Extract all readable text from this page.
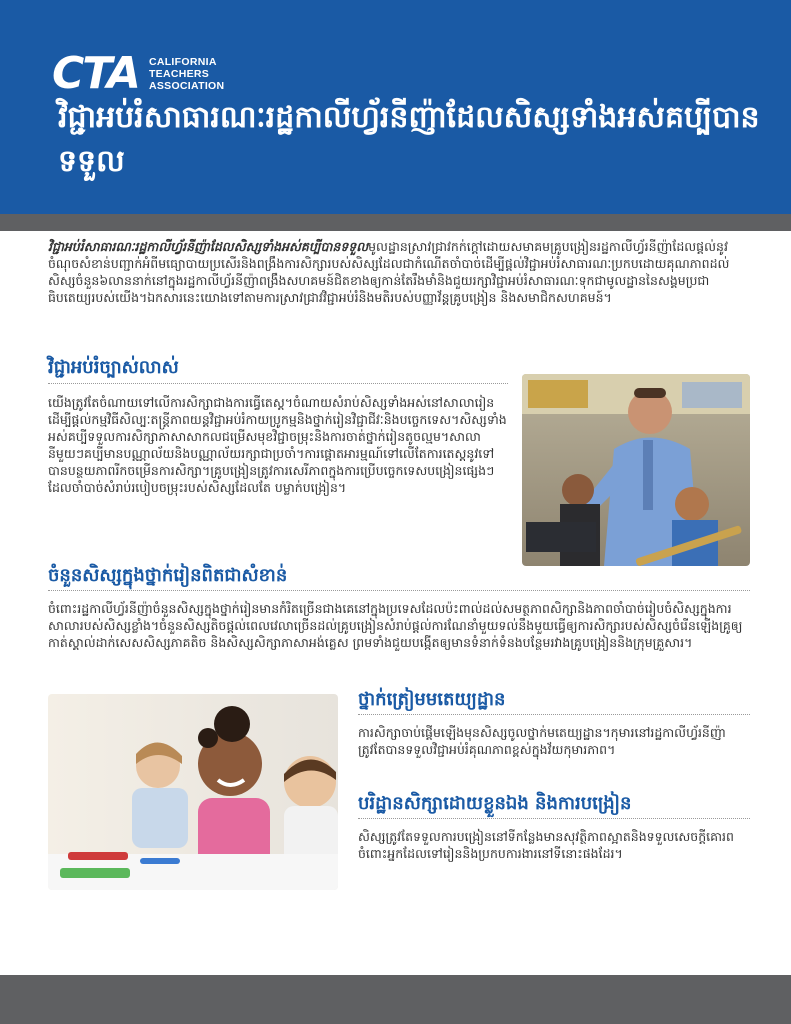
CTA CALIFORNIA
TEACHERS
ASSOCIATION
វិជ្ជាអប់រំសាធារណៈរដ្ឋកាលីហ្វ័រនីញ៉ាដែលសិស្សទាំងអស់គប្បីបានទទួល

វិជ្ជាអប់រំសាធារណៈរដ្ឋកាលីហ្វ័រនីញ៉ាដែលសិស្សទាំងអស់គប្បីបានទទួលមូលដ្ឋានស្រាវជ្រាវកក់ក្ដៅដោយសមាគមគ្រូបង្រៀនរដ្ឋកាលីហ្វ័រនីញ៉ាដែលផ្ដល់នូវចំណុចសំខាន់បញ្ជាក់អំពីមធ្យោបាយប្រសើរនិងពង្រឹងការសិក្សារបស់សិស្សដែលជាកំណើតចាំបាច់ដើម្បីផ្ដល់វិជ្ជាអប់រំសាធារណៈប្រកបដោយគុណភាពដល់សិស្សចំនួន៦លាននាក់នៅក្នុងរដ្ឋកាលីហ្វ័រនីញ៉ាពង្រឹងសហគមន៍ជិតខាងឲ្យកាន់តែរឹងមាំនិងជួយរក្សាវិជ្ជាអប់រំសាធារណៈទុកជាមូលដ្ឋាននៃសង្គមប្រជាធិបតេយ្យរបស់យើង។ឯកសារនេះយោងទៅតាមការស្រាវជ្រាវវិជ្ជាអប់រំនិងមតិរបស់បញ្ញាវ័ន្តគ្រូបង្រៀន និងសមាជិកសហគមន៍។

វិជ្ជាអប់រំច្បាស់លាស់

យើងត្រូវតែចំណាយទៅលើការសិក្សាជាងការធ្វើតេស្ត។ចំណាយសំរាប់សិស្សទាំងអស់នៅសាលារៀនដើម្បីផ្ដល់កម្មវិធីសិល្បៈតន្ត្រីភាពយន្តវិជ្ជាអប់រំកាយប្រូកម្មនិងថ្នាក់រៀនវិជ្ជាជីវៈនិងបច្ចេកទេស។សិស្សទាំងអស់គប្បីទទួលការសិក្សាភាសាសាកលជម្រើសមុខវិជ្ជាចម្រុះនិងការចាត់ថ្នាក់រៀនតូចល្មម។សាលានីមួយៗគប្បីមានបណ្ណាល័យនិងបណ្ណាល័យរក្សាជាប្រចាំ។ការផ្ដោតអារម្មណ៍ទៅលើតែការតេស្តនូវទៅបានបន្ថយភាពរីកចម្រើនការសិក្សា។គ្រូបង្រៀនត្រូវការសេរីភាពក្នុងការប្រើបច្ចេកទេសបង្រៀនផ្សេងៗដែលចាំបាច់សំរាប់របៀបចម្រុះរបស់សិស្សដែលតែ បម្លាក់បង្រៀន។

ចំនួនសិស្សក្នុងថ្នាក់រៀនពិតជាសំខាន់

ចំពោះរដ្ឋកាលីហ្វ័រនីញ៉ាចំនួនសិស្សក្នុងថ្នាក់រៀនមានកំរិតច្រើនជាងគេនៅក្នុងប្រទេសដែលប៉ះពាល់ដល់សមត្ថភាពសិក្សានិងភាពចាំបាច់រៀបចំសិស្សក្នុងការសាលារបស់សិស្សខ្លាំង។ចំនួនសិស្សតិចផ្ដល់ពេលវេលាច្រើនដល់គ្រូបង្រៀនសំរាប់ផ្ដល់ការណែនាំមួយទល់នឹងមួយធ្វើឲ្យការសិក្សារបស់សិស្សចំរើនឡើងគ្រូឲ្យកាត់ស្គាល់ដាក់សេសសិស្សភាគតិច និងសិស្សសិក្សាភាសាអង់គ្លេស ព្រមទាំងជួយបង្កើតឲ្យមានទំនាក់ទំនងបន្ថែមរវាងគ្រូបង្រៀននិងក្រុមគ្រួសារ។

ថ្នាក់ត្រៀមមតេយ្យដ្ឋាន

ការសិក្សាចាប់ផ្ដើមឡើងមុនសិស្សចូលថ្នាក់មតេយ្យដ្ឋាន។កុមារនៅរដ្ឋកាលីហ្វ័រនីញ៉ាត្រូវតែបានទទួលវិជ្ជាអប់រំគុណភាពខ្ពស់ក្នុងវ័យកុមារភាព។

បរិដ្ឋានសិក្សាដោយខ្លួនឯង និងការបង្រៀន

សិស្សត្រូវតែទទួលការបង្រៀននៅទីកន្លែងមានសុវត្ថិភាពស្អាតនិងទទួលសេចក្ដីគោរពចំពោះអ្នកដែលទៅរៀននិងប្រកបការងារនៅទីនោះផងដែរ។
